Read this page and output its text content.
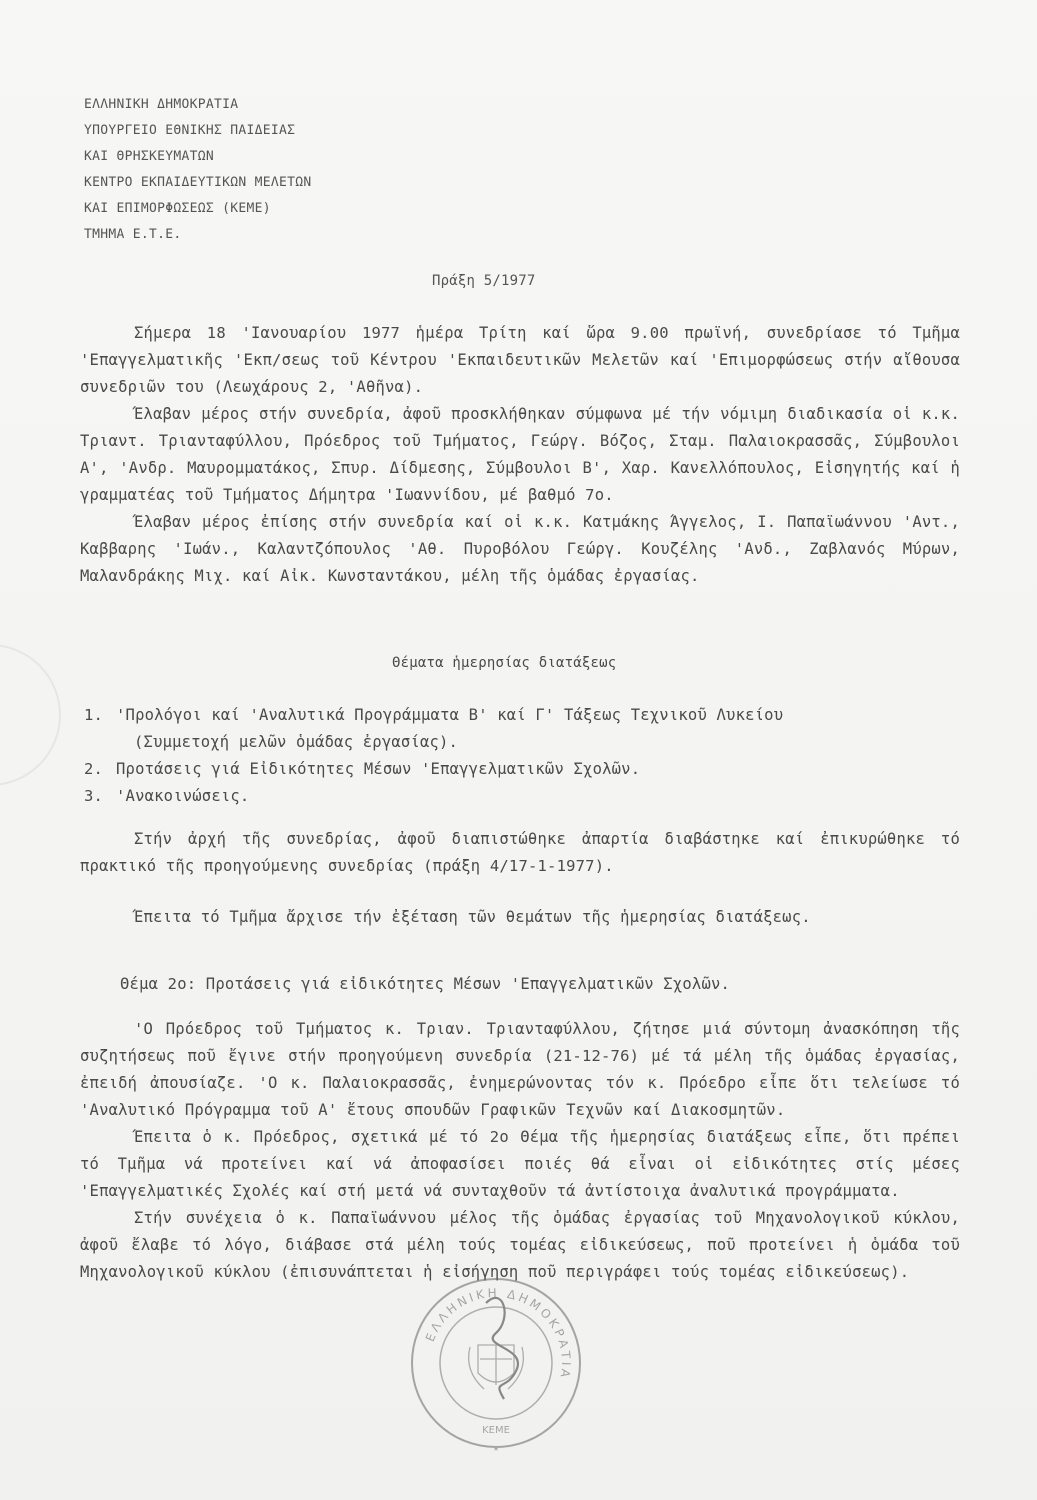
ΕΛΛΗΝΙΚΗ ΔΗΜΟΚΡΑΤΙΑ
ΥΠΟΥΡΓΕΙΟ ΕΘΝΙΚΗΣ ΠΑΙΔΕΙΑΣ
ΚΑΙ ΘΡΗΣΚΕΥΜΑΤΩΝ
ΚΕΝΤΡΟ ΕΚΠΑΙΔΕΥΤΙΚΩΝ ΜΕΛΕΤΩΝ
ΚΑΙ ΕΠΙΜΟΡΦΩΣΕΩΣ (ΚΕΜΕ)
ΤΜΗΜΑ Ε.Τ.Ε.
Πράξη 5/1977

Σήμερα 18 'Ιανουαρίου 1977 ἡμέρα Τρίτη καί ὥρα 9.00 πρωϊνή, συνεδρίασε τό Τμῆμα 'Επαγγελματικῆς 'Εκπ/σεως τοῦ Κέντρου 'Εκπαιδευτικῶν Μελετῶν καί 'Επιμορφώσεως στήν αἴθουσα συνεδριῶν του (Λεωχάρους 2, 'Αθῆνα).

Έλαβαν μέρος στήν συνεδρία, ἀφοῦ προσκλήθηκαν σύμφωνα μέ τήν νόμιμη διαδικασία οἱ κ.κ. Τριαντ. Τριανταφύλλου, Πρόεδρος τοῦ Τμήματος, Γεώργ. Βόζος, Σταμ. Παλαιοκρασσᾶς, Σύμβουλοι Α', 'Ανδρ. Μαυρομματάκος, Σπυρ. Δίδμεσης, Σύμβουλοι Β', Χαρ. Κανελλόπουλος, Εἰσηγητής καί ἡ γραμματέας τοῦ Τμήματος Δήμητρα 'Ιωαννίδου, μέ βαθμό 7ο.

Έλαβαν μέρος ἐπίσης στήν συνεδρία καί οἱ κ.κ. Κατμάκης Άγγελος, Ι. Παπαϊωάννου 'Αντ., Καββαρης 'Ιωάν., Καλαντζόπουλος 'Αθ. Πυροβόλου Γεώργ. Κουζέλης 'Ανδ., Ζαβλανός Μύρων, Μαλανδράκης Μιχ. καί Αἰκ. Κωνσταντάκου, μέλη τῆς ὁμάδας ἐργασίας.

Θέματα ἡμερησίας διατάξεως
1. 'Προλόγοι καί 'Αναλυτικά Προγράμματα Β' καί Γ' Τάξεως Τεχνικοῦ Λυκείου
(Συμμετοχή μελῶν ὁμάδας ἐργασίας).
2. Προτάσεις γιά Εἰδικότητες Μέσων 'Επαγγελματικῶν Σχολῶν.
3. 'Ανακοινώσεις.

Στήν ἀρχή τῆς συνεδρίας, ἀφοῦ διαπιστώθηκε ἀπαρτία διαβάστηκε καί ἐπικυρώθηκε τό πρακτικό τῆς προηγούμενης συνεδρίας (πράξη 4/17-1-1977).

Έπειτα τό Τμῆμα ἄρχισε τήν ἐξέταση τῶν θεμάτων τῆς ἡμερησίας διατάξεως.

Θέμα 2ο: Προτάσεις γιά εἰδικότητες Μέσων 'Επαγγελματικῶν Σχολῶν.

'Ο Πρόεδρος τοῦ Τμήματος κ. Τριαν. Τριανταφύλλου, ζήτησε μιά σύντομη ἀνασκόπηση τῆς συζητήσεως ποῦ ἔγινε στήν προηγούμενη συνεδρία (21-12-76) μέ τά μέλη τῆς ὁμάδας ἐργασίας, ἐπειδή ἀπουσίαζε. 'Ο κ. Παλαιοκρασσᾶς, ἐνημερώνοντας τόν κ. Πρόεδρο εἶπε ὅτι τελείωσε τό 'Αναλυτικό Πρόγραμμα τοῦ Α' ἔτους σπουδῶν Γραφικῶν Τεχνῶν καί Διακοσμητῶν.

Έπειτα ὁ κ. Πρόεδρος, σχετικά μέ τό 2ο Θέμα τῆς ἡμερησίας διατάξεως εἶπε, ὅτι πρέπει τό Τμῆμα νά προτείνει καί νά ἀποφασίσει ποιές θά εἶναι οἱ εἰδικότητες στίς μέσες 'Επαγγελματικές Σχολές καί στή μετά νά συνταχθοῦν τά ἀντίστοιχα ἀναλυτικά προγράμματα.

Στήν συνέχεια ὁ κ. Παπαϊωάννου μέλος τῆς ὁμάδας ἐργασίας τοῦ Μηχανολογικοῦ κύκλου, ἀφοῦ ἔλαβε τό λόγο, διάβασε στά μέλη τούς τομέας εἰδικεύσεως, ποῦ προτείνει ἡ ὁμάδα τοῦ Μηχανολογικοῦ κύκλου (ἐπισυνάπτεται ἡ εἰσήγηση ποῦ περιγράφει τούς τομέας εἰδικεύσεως).

ΕΛΛΗΝΙΚΗ ΔΗΜΟΚΡΑΤΙΑ
ΚΕΜΕ
★
